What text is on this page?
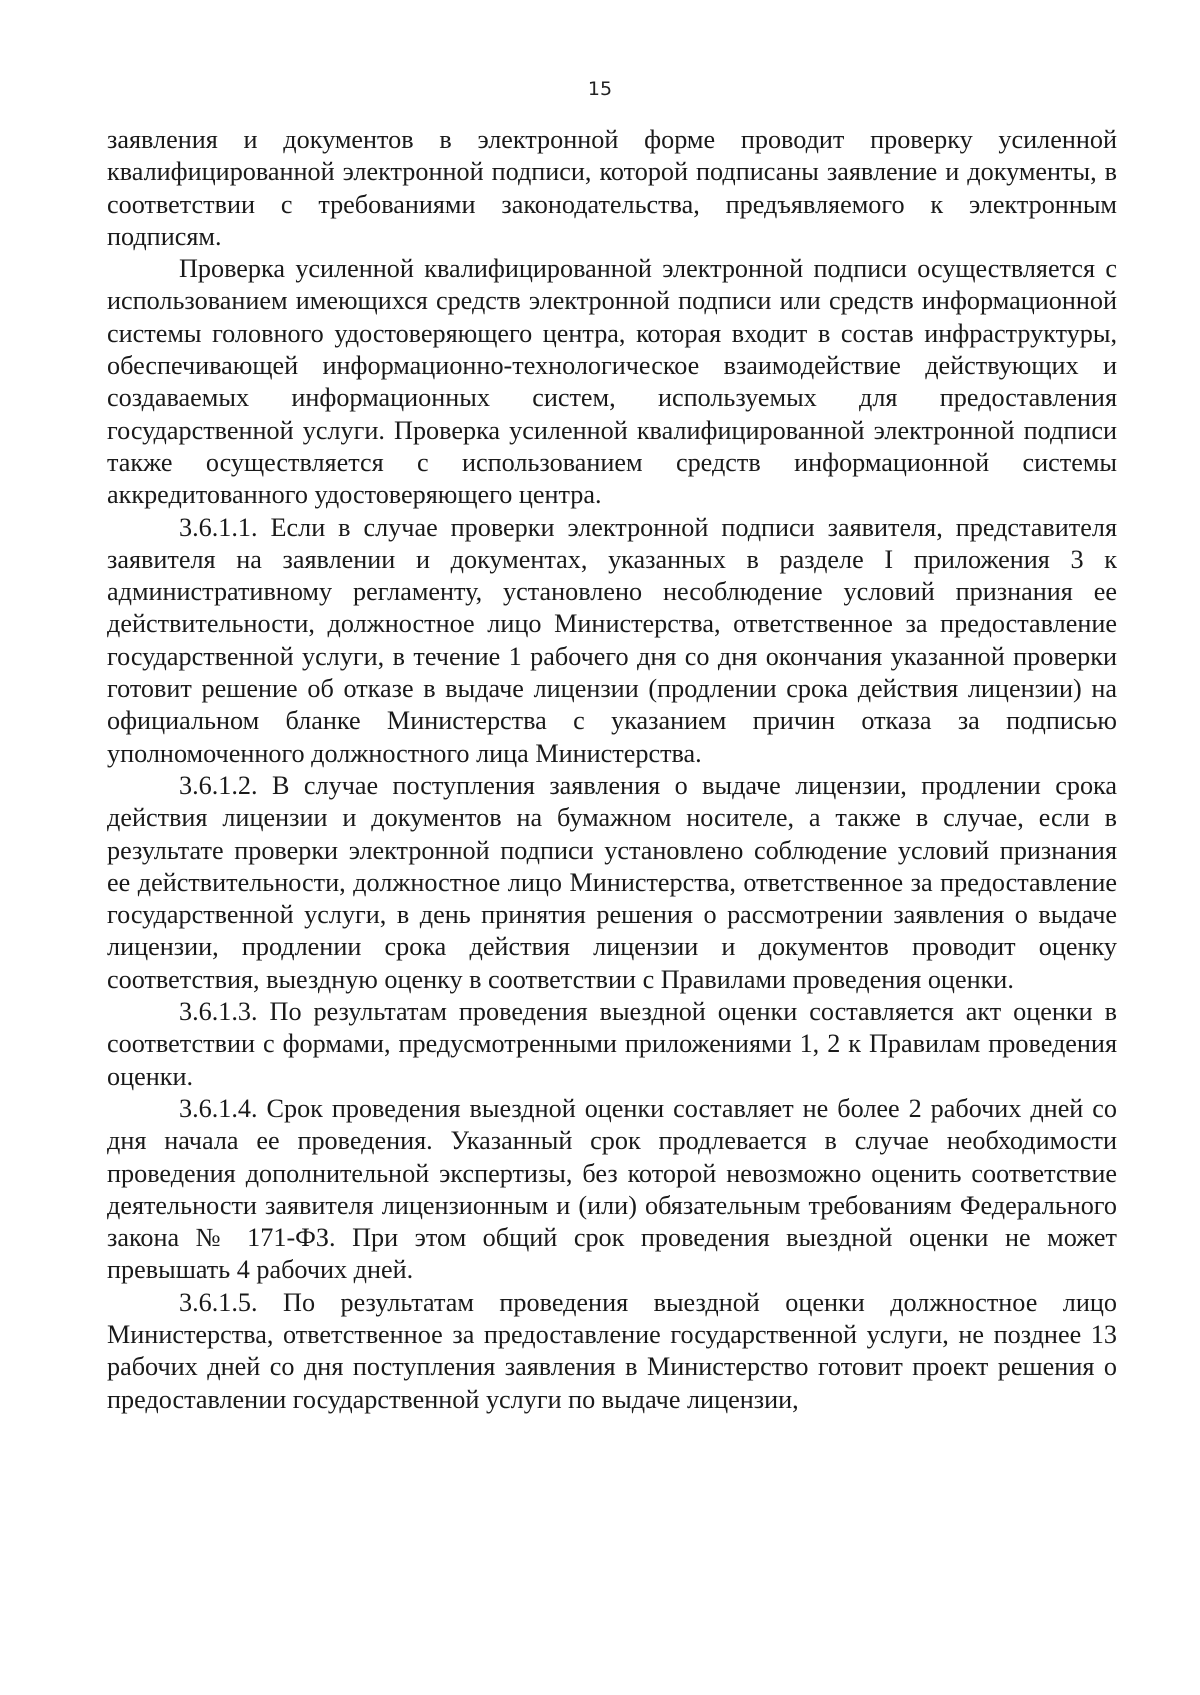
15

заявления и документов в электронной форме проводит проверку усиленной квалифицированной электронной подписи, которой подписаны заявление и документы, в соответствии с требованиями законодательства, предъявляемого к электронным подписям.

Проверка усиленной квалифицированной электронной подписи осуществляется с использованием имеющихся средств электронной подписи или средств информационной системы головного удостоверяющего центра, которая входит в состав инфраструктуры, обеспечивающей информационно-технологическое взаимодействие действующих и создаваемых информационных систем, используемых для предоставления государственной услуги. Проверка усиленной квалифицированной электронной подписи также осуществляется с использованием средств информационной системы аккредитованного удостоверяющего центра.

3.6.1.1. Если в случае проверки электронной подписи заявителя, представителя заявителя на заявлении и документах, указанных в разделе I приложения 3 к административному регламенту, установлено несоблюдение условий признания ее действительности, должностное лицо Министерства, ответственное за предоставление государственной услуги, в течение 1 рабочего дня со дня окончания указанной проверки готовит решение об отказе в выдаче лицензии (продлении срока действия лицензии) на официальном бланке Министерства с указанием причин отказа за подписью уполномоченного должностного лица Министерства.

3.6.1.2. В случае поступления заявления о выдаче лицензии, продлении срока действия лицензии и документов на бумажном носителе, а также в случае, если в результате проверки электронной подписи установлено соблюдение условий признания ее действительности, должностное лицо Министерства, ответственное за предоставление государственной услуги, в день принятия решения о рассмотрении заявления о выдаче лицензии, продлении срока действия лицензии и документов проводит оценку соответствия, выездную оценку в соответствии с Правилами проведения оценки.

3.6.1.3. По результатам проведения выездной оценки составляется акт оценки в соответствии с формами, предусмотренными приложениями 1, 2 к Правилам проведения оценки.

3.6.1.4. Срок проведения выездной оценки составляет не более 2 рабочих дней со дня начала ее проведения. Указанный срок продлевается в случае необходимости проведения дополнительной экспертизы, без которой невозможно оценить соответствие деятельности заявителя лицензионным и (или) обязательным требованиям Федерального закона № 171-ФЗ. При этом общий срок проведения выездной оценки не может превышать 4 рабочих дней.

3.6.1.5. По результатам проведения выездной оценки должностное лицо Министерства, ответственное за предоставление государственной услуги, не позднее 13 рабочих дней со дня поступления заявления в Министерство готовит проект решения о предоставлении государственной услуги по выдаче лицензии,
